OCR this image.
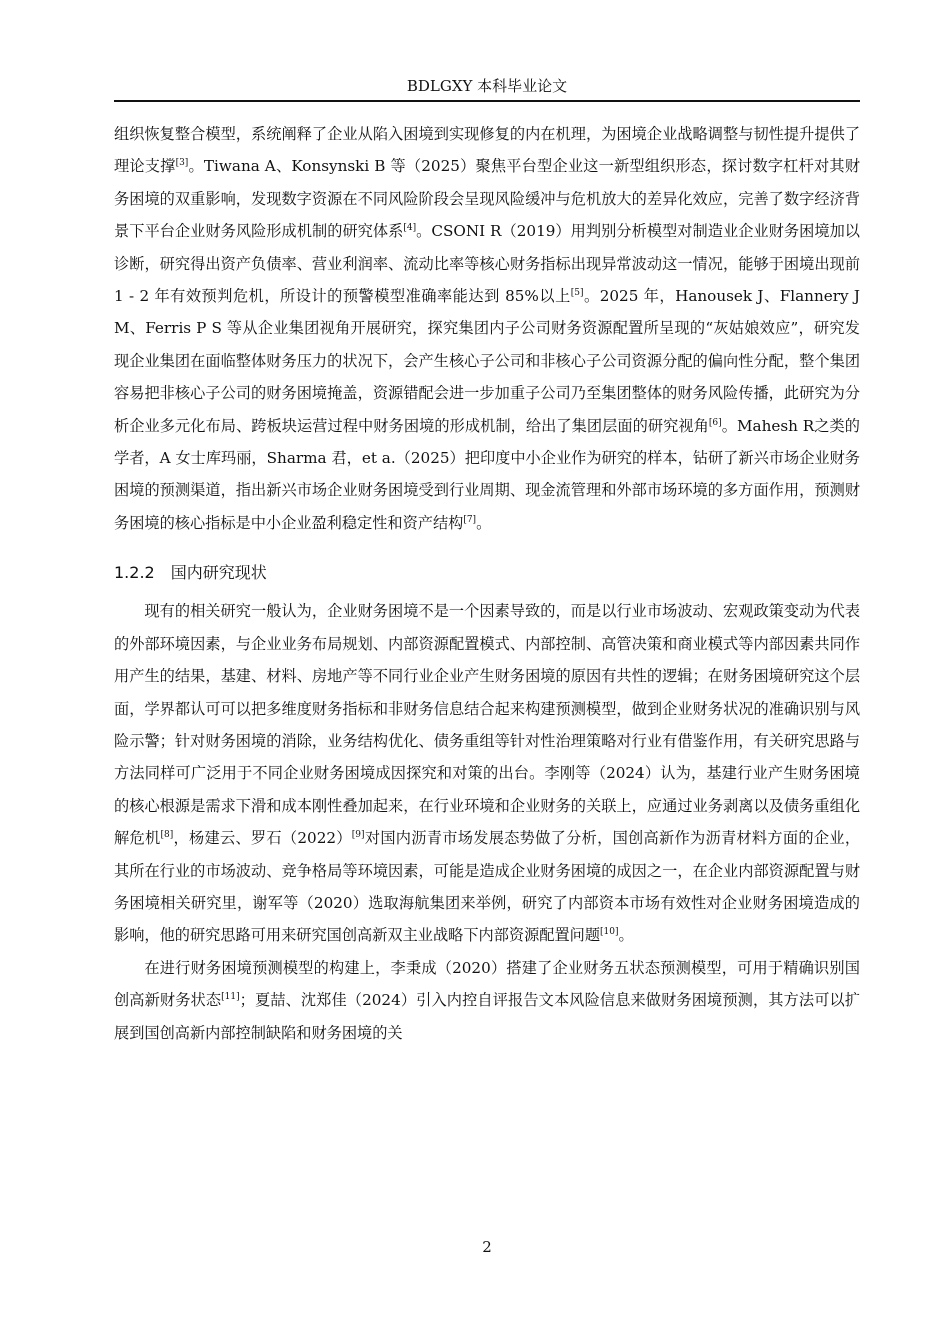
BDLGXY 本科毕业论文

组织恢复整合模型，系统阐释了企业从陷入困境到实现修复的内在机理，为困境企业战略调整与韧性提升提供了理论支撑[3]。Tiwana A、Konsynski B 等（2025）聚焦平台型企业这一新型组织形态，探讨数字杠杆对其财务困境的双重影响，发现数字资源在不同风险阶段会呈现风险缓冲与危机放大的差异化效应，完善了数字经济背景下平台企业财务风险形成机制的研究体系[4]。CSONI R（2019）用判别分析模型对制造业企业财务困境加以诊断，研究得出资产负债率、营业利润率、流动比率等核心财务指标出现异常波动这一情况，能够于困境出现前 1 - 2 年有效预判危机，所设计的预警模型准确率能达到 85%以上[5]。2025 年，Hanousek J、Flannery J M、Ferris P S 等从企业集团视角开展研究，探究集团内子公司财务资源配置所呈现的“灰姑娘效应”，研究发现企业集团在面临整体财务压力的状况下，会产生核心子公司和非核心子公司资源分配的偏向性分配，整个集团容易把非核心子公司的财务困境掩盖，资源错配会进一步加重子公司乃至集团整体的财务风险传播，此研究为分析企业多元化布局、跨板块运营过程中财务困境的形成机制，给出了集团层面的研究视角[6]。Mahesh R之类的学者，A 女士库玛丽，Sharma 君，et a.（2025）把印度中小企业作为研究的样本，钻研了新兴市场企业财务困境的预测渠道，指出新兴市场企业财务困境受到行业周期、现金流管理和外部市场环境的多方面作用，预测财务困境的核心指标是中小企业盈利稳定性和资产结构[7]。

1.2.2 国内研究现状

现有的相关研究一般认为，企业财务困境不是一个因素导致的，而是以行业市场波动、宏观政策变动为代表的外部环境因素，与企业业务布局规划、内部资源配置模式、内部控制、高管决策和商业模式等内部因素共同作用产生的结果，基建、材料、房地产等不同行业企业产生财务困境的原因有共性的逻辑；在财务困境研究这个层面，学界都认可可以把多维度财务指标和非财务信息结合起来构建预测模型，做到企业财务状况的准确识别与风险示警；针对财务困境的消除，业务结构优化、债务重组等针对性治理策略对行业有借鉴作用，有关研究思路与方法同样可广泛用于不同企业财务困境成因探究和对策的出台。李刚等（2024）认为，基建行业产生财务困境的核心根源是需求下滑和成本刚性叠加起来，在行业环境和企业财务的关联上，应通过业务剥离以及债务重组化解危机[8]，杨建云、罗石（2022）[9]对国内沥青市场发展态势做了分析，国创高新作为沥青材料方面的企业，其所在行业的市场波动、竞争格局等环境因素，可能是造成企业财务困境的成因之一，在企业内部资源配置与财务困境相关研究里，谢军等（2020）选取海航集团来举例，研究了内部资本市场有效性对企业财务困境造成的影响，他的研究思路可用来研究国创高新双主业战略下内部资源配置问题[10]。

在进行财务困境预测模型的构建上，李秉成（2020）搭建了企业财务五状态预测模型，可用于精确识别国创高新财务状态[11]；夏喆、沈郑佳（2024）引入内控自评报告文本风险信息来做财务困境预测，其方法可以扩展到国创高新内部控制缺陷和财务困境的关

2
